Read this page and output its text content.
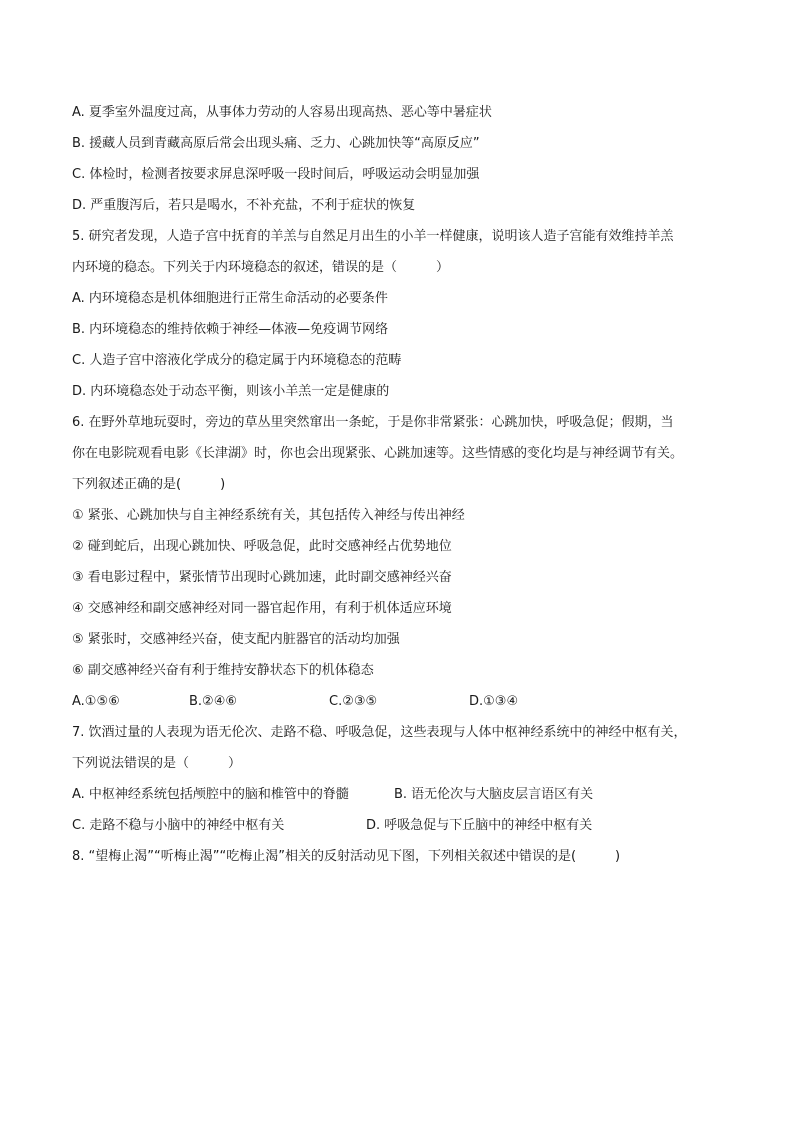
A. 夏季室外温度过高，从事体力劳动的人容易出现高热、恶心等中暑症状
B. 援藏人员到青藏高原后常会出现头痛、乏力、心跳加快等“高原反应”
C. 体检时，检测者按要求屏息深呼吸一段时间后，呼吸运动会明显加强
D. 严重腹泻后，若只是喝水，不补充盐，不利于症状的恢复
5. 研究者发现，人造子宫中抚育的羊羔与自然足月出生的小羊一样健康，说明该人造子宫能有效维持羊羔
内环境的稳态。下列关于内环境稳态的叙述，错误的是（　　　）
A. 内环境稳态是机体细胞进行正常生命活动的必要条件
B. 内环境稳态的维持依赖于神经—体液—免疫调节网络
C. 人造子宫中溶液化学成分的稳定属于内环境稳态的范畴
D. 内环境稳态处于动态平衡，则该小羊羔一定是健康的
6. 在野外草地玩耍时，旁边的草丛里突然窜出一条蛇，于是你非常紧张：心跳加快，呼吸急促；假期，当
你在电影院观看电影《长津湖》时，你也会出现紧张、心跳加速等。这些情感的变化均是与神经调节有关。
下列叙述正确的是(　　　)
① 紧张、心跳加快与自主神经系统有关，其包括传入神经与传出神经
② 碰到蛇后，出现心跳加快、呼吸急促，此时交感神经占优势地位
③ 看电影过程中，紧张情节出现时心跳加速，此时副交感神经兴奋
④ 交感神经和副交感神经对同一器官起作用，有利于机体适应环境
⑤ 紧张时，交感神经兴奋，使支配内脏器官的活动均加强
⑥ 副交感神经兴奋有利于维持安静状态下的机体稳态
A.①⑤⑥	B.②④⑥	C.②③⑤	D.①③④
7. 饮酒过量的人表现为语无伦次、走路不稳、呼吸急促，这些表现与人体中枢神经系统中的神经中枢有关，
下列说法错误的是（　　　）
A. 中枢神经系统包括颅腔中的脑和椎管中的脊髓	B. 语无伦次与大脑皮层言语区有关
C. 走路不稳与小脑中的神经中枢有关	D. 呼吸急促与下丘脑中的神经中枢有关
8. “望梅止渴”“听梅止渴”“吃梅止渴”相关的反射活动见下图，下列相关叙述中错误的是(　　　)
